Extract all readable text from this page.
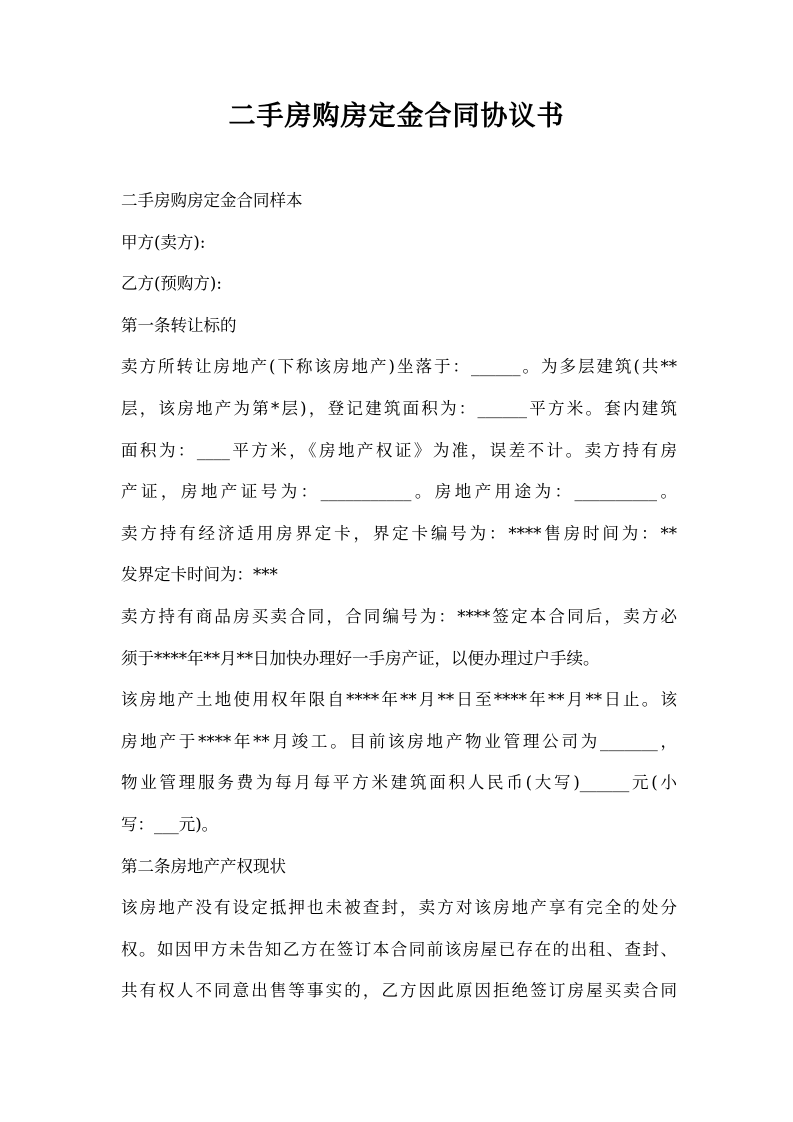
二手房购房定金合同协议书

二手房购房定金合同样本

甲方(卖方):

乙方(预购方):

第一条转让标的

卖方所转让房地产(下称该房地产)坐落于：______。为多层建筑(共**

层，该房地产为第*层)，登记建筑面积为：______平方米。套内建筑

面积为：____平方米，《房地产权证》为准，误差不计。卖方持有房

产证，房地产证号为：___________。房地产用途为：__________。

卖方持有经济适用房界定卡，界定卡编号为：****售房时间为：**

发界定卡时间为：***

卖方持有商品房买卖合同，合同编号为：****签定本合同后，卖方必

须于****年**月**日加快办理好一手房产证，以便办理过户手续。

该房地产土地使用权年限自****年**月**日至****年**月**日止。该

房地产于****年**月竣工。目前该房地产物业管理公司为_______，

物业管理服务费为每月每平方米建筑面积人民币(大写)______元(小

写：___元)。

第二条房地产产权现状

该房地产没有设定抵押也未被查封，卖方对该房地产享有完全的处分

权。如因甲方未告知乙方在签订本合同前该房屋已存在的出租、查封、

共有权人不同意出售等事实的，乙方因此原因拒绝签订房屋买卖合同
